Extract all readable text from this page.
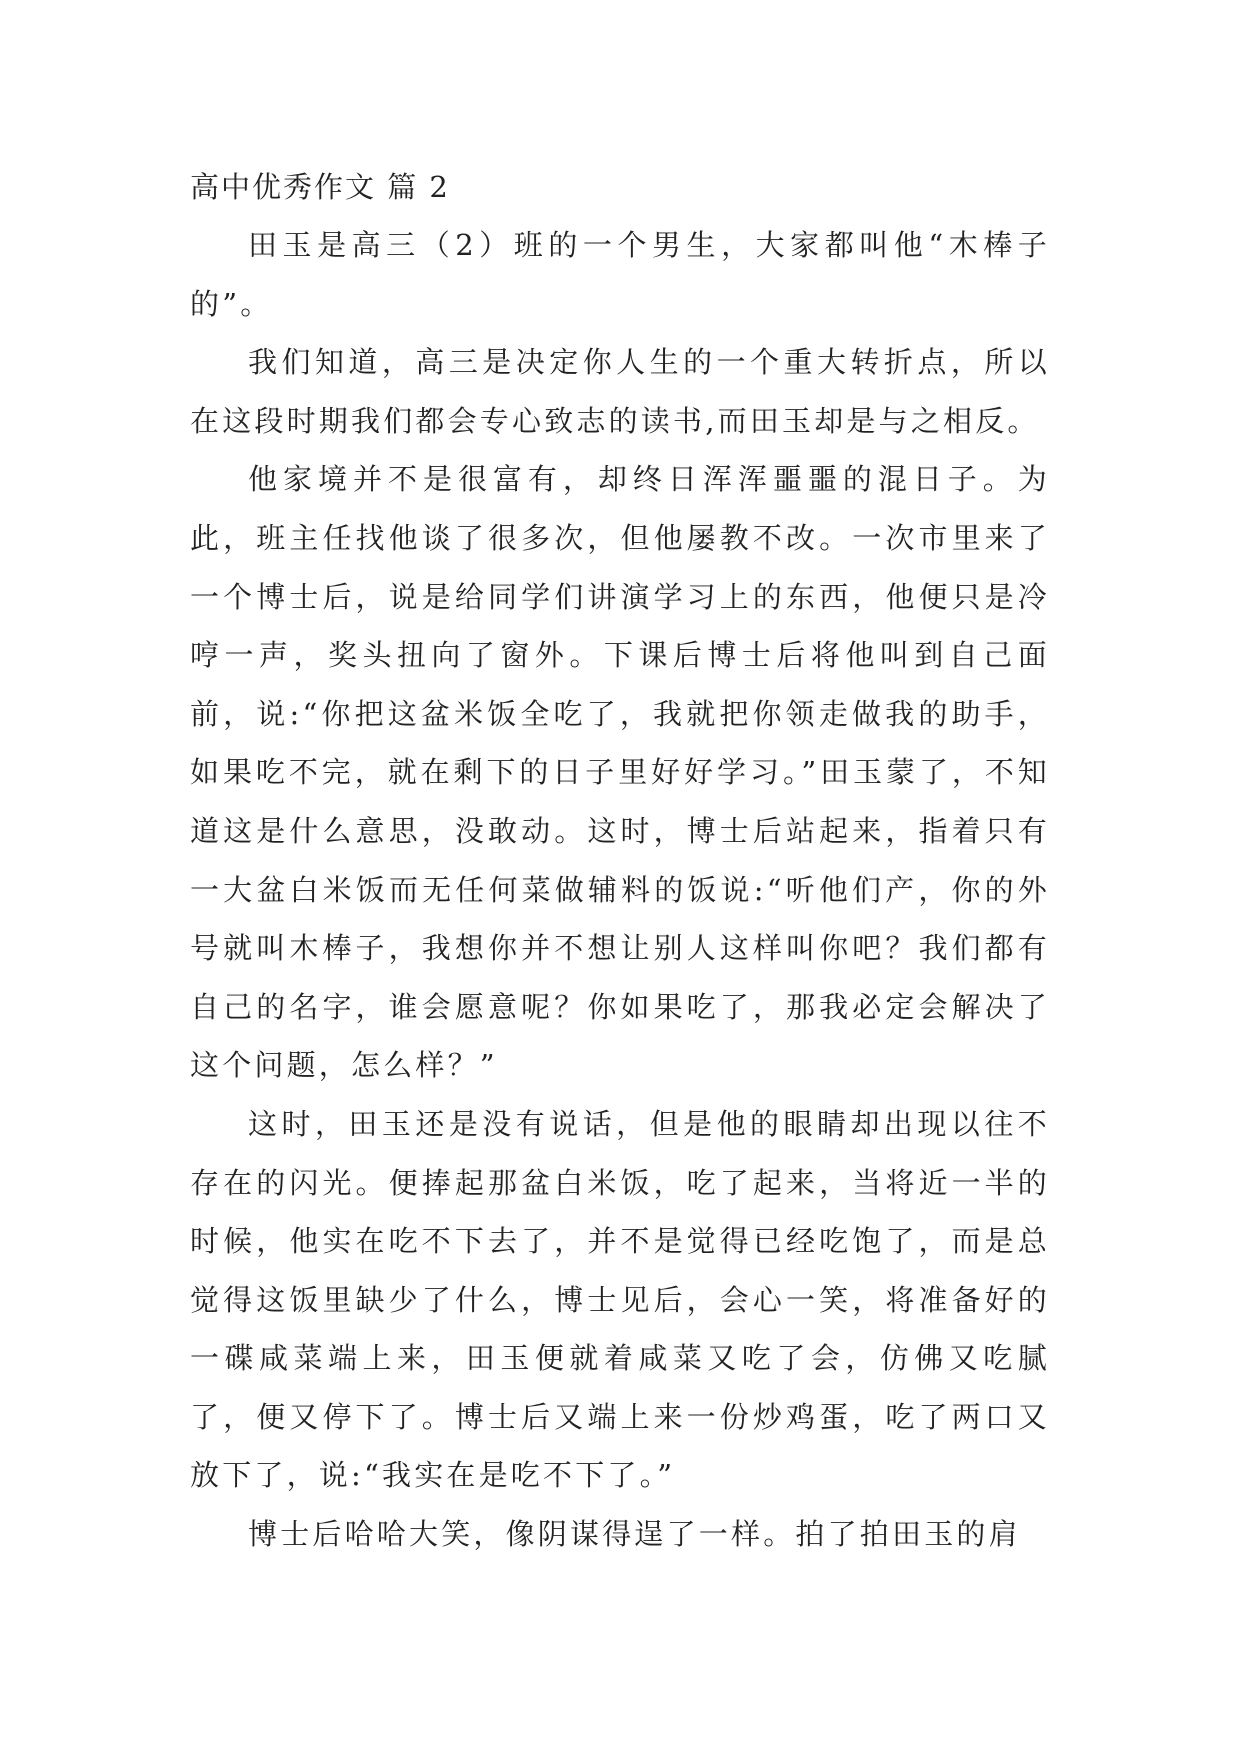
高中优秀作文 篇 2

田玉是高三（2）班的一个男生，大家都叫他“木棒子的”。

我们知道，高三是决定你人生的一个重大转折点，所以在这段时期我们都会专心致志的读书,而田玉却是与之相反。

他家境并不是很富有，却终日浑浑噩噩的混日子。为此，班主任找他谈了很多次，但他屡教不改。一次市里来了一个博士后，说是给同学们讲演学习上的东西，他便只是冷哼一声，奖头扭向了窗外。下课后博士后将他叫到自己面前，说:“你把这盆米饭全吃了，我就把你领走做我的助手，如果吃不完，就在剩下的日子里好好学习。”田玉蒙了，不知道这是什么意思，没敢动。这时，博士后站起来，指着只有一大盆白米饭而无任何菜做辅料的饭说:“听他们产，你的外号就叫木棒子，我想你并不想让别人这样叫你吧？我们都有自己的名字，谁会愿意呢？你如果吃了，那我必定会解决了这个问题，怎么样？”

这时，田玉还是没有说话，但是他的眼睛却出现以往不存在的闪光。便捧起那盆白米饭，吃了起来，当将近一半的时候，他实在吃不下去了，并不是觉得已经吃饱了，而是总觉得这饭里缺少了什么，博士见后，会心一笑，将准备好的一碟咸菜端上来，田玉便就着咸菜又吃了会，仿佛又吃腻了，便又停下了。博士后又端上来一份炒鸡蛋，吃了两口又放下了，说:“我实在是吃不下了。”

博士后哈哈大笑，像阴谋得逞了一样。拍了拍田玉的肩
